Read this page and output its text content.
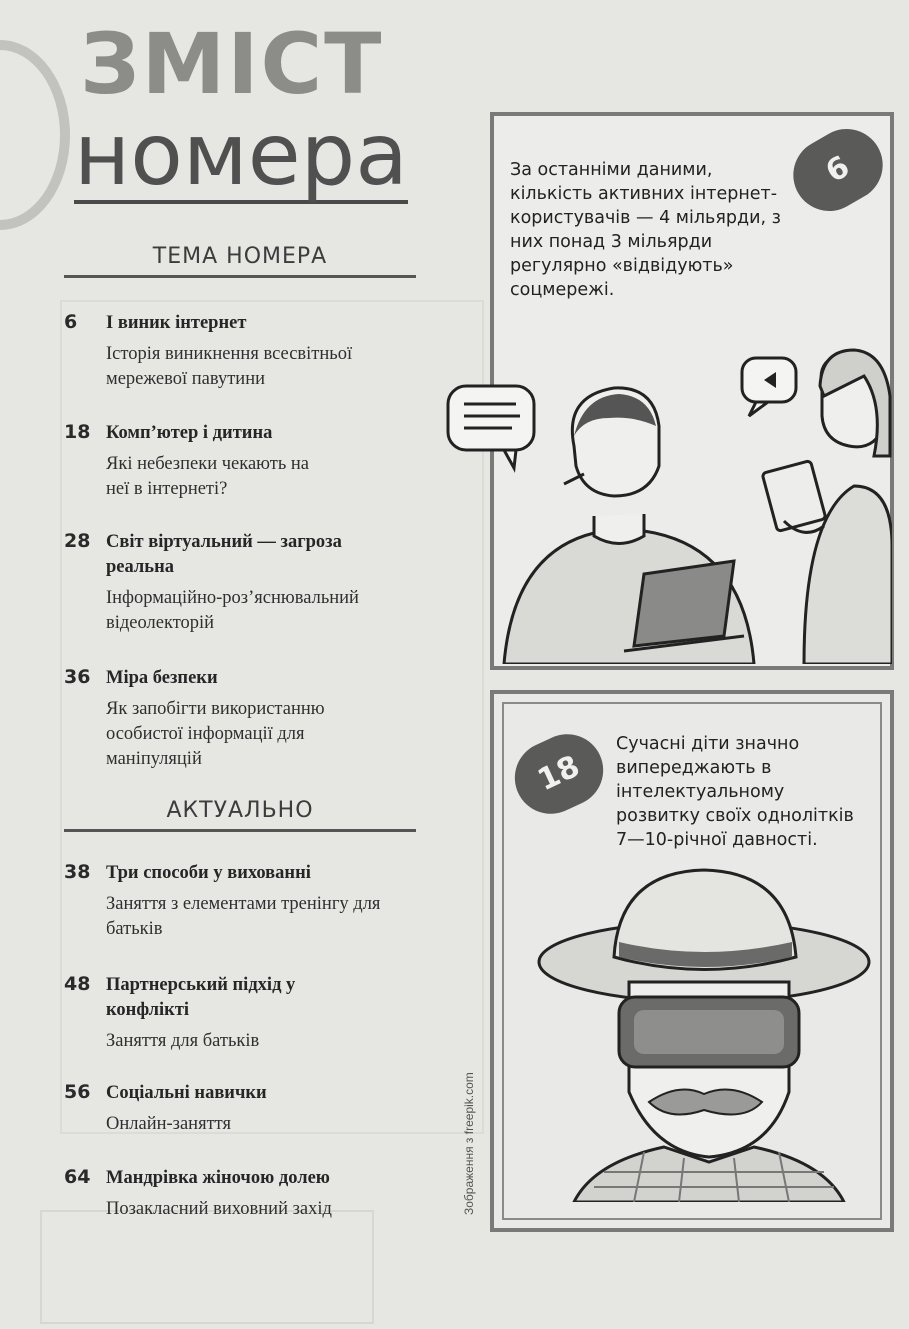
ЗМІСТ
номера
ТЕМА НОМЕРА
6	І виник інтернет
Історія виникнення всесвітньої мережевої павутини
18 Комп’ютер і дитина
Які небезпеки чекають на неї в інтернеті?
28 Світ віртуальний — загроза реальна
Інформаційно-роз’яснювальний відеолекторій
36 Міра безпеки
Як запобігти використанню особистої інформації для маніпуляцій
АКТУАЛЬНО
38 Три способи у вихованні
Заняття з елементами тренінгу для батьків
48 Партнерський підхід у конфлікті
Заняття для батьків
56 Соціальні навички
Онлайн-заняття
64 Мандрівка жіночою долею
Позакласний виховний захід
За останніми даними, кількість активних інтернет-користувачів — 4 мільярди, з них понад 3 мільярди регулярно «відвідують» соцмережі.
6
18
Сучасні діти значно випереджають в інтелектуальному розвитку своїх однолітків 7—10-річної давності.
Зображення з freepik.com
